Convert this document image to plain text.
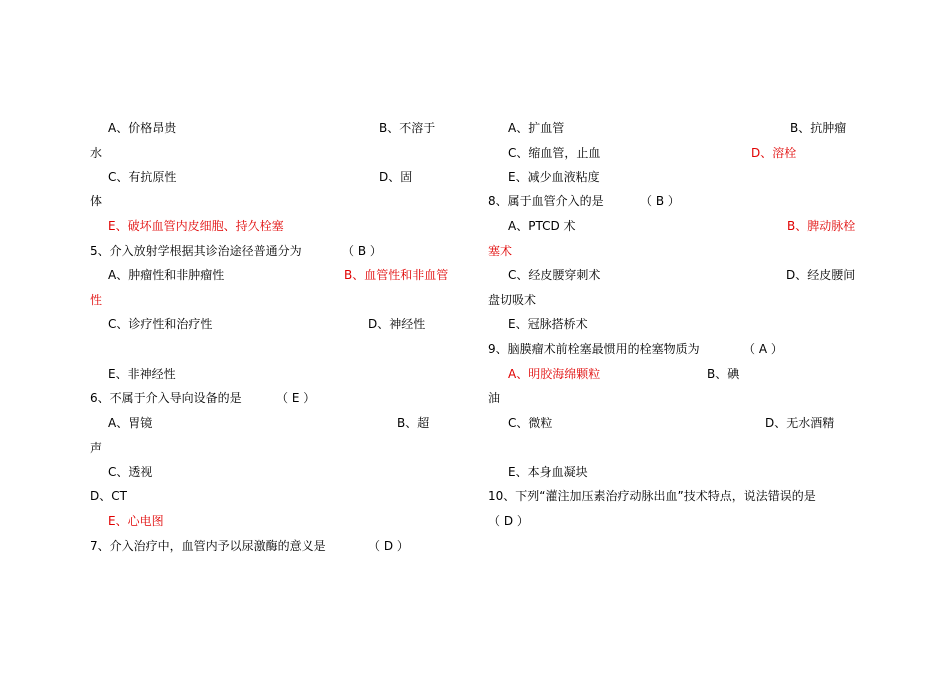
A、价格昂贵	B、不溶于
水
C、有抗原性	D、固
体
E、破坏血管内皮细胞、持久栓塞
5、介入放射学根据其诊治途径普通分为	（ B ）
A、肿瘤性和非肿瘤性	B、血管性和非血管
性
C、诊疗性和治疗性	D、神经性
E、非神经性
6、不属于介入导向设备的是	（ E ）
A、胃镜	B、超
声
C、透视
D、CT
E、心电图
7、介入治疗中，血管内予以尿激酶的意义是	（ D ）
A、扩血管	B、抗肿瘤
C、缩血管，止血	D、溶栓
E、减少血液粘度
8、属于血管介入的是	（ B ）
A、PTCD 术	B、脾动脉栓
塞术
C、经皮腰穿刺术	D、经皮腰间
盘切吸术
E、冠脉搭桥术
9、脑膜瘤术前栓塞最惯用的栓塞物质为	（ A ）
A、明胶海绵颗粒	B、碘
油
C、微粒	D、无水酒精
E、本身血凝块
10、下列“灌注加压素治疗动脉出血”技术特点，说法错误的是
（ D ）
